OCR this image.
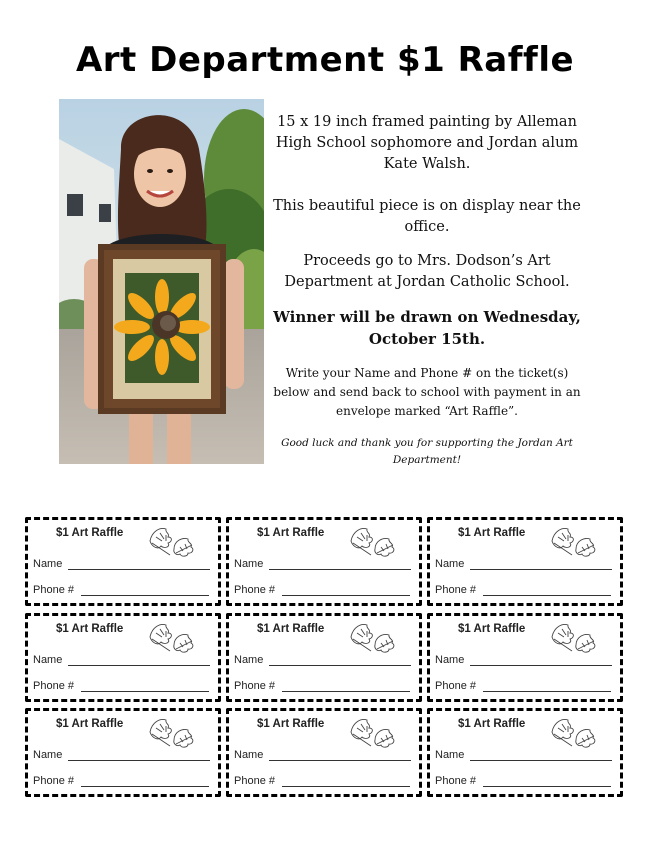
Art Department $1 Raffle

15 x 19 inch framed painting by Alleman High School sophomore and Jordan alum Kate Walsh.

This beautiful piece is on display near the office.

Proceeds go to Mrs. Dodson’s Art Department at Jordan Catholic School.

Winner will be drawn on Wednesday, October 15th.

Write your Name and Phone # on the ticket(s) below and send back to school with payment in an envelope marked “Art Raffle”.

Good luck and thank you for supporting the Jordan Art Department!

$1 Art Raffle
Name
Phone #
$1 Art Raffle
Name
Phone #
$1 Art Raffle
Name
Phone #
$1 Art Raffle
Name
Phone #
$1 Art Raffle
Name
Phone #
$1 Art Raffle
Name
Phone #
$1 Art Raffle
Name
Phone #
$1 Art Raffle
Name
Phone #
$1 Art Raffle
Name
Phone #
